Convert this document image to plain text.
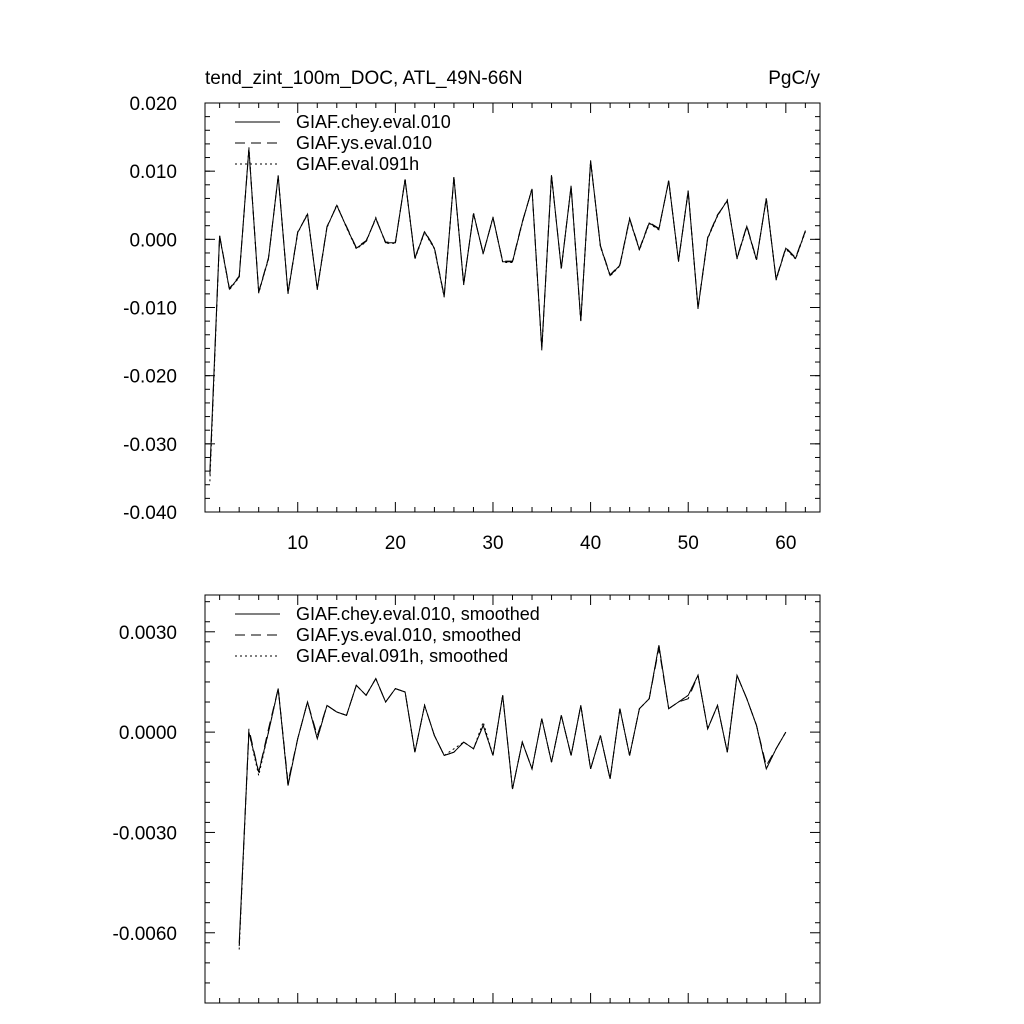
tend_zint_100m_DOC, ATL_49N-66N	PgC/y
10	20	30	40	50	60
-0.040
-0.030
-0.020
-0.010
0.000
0.010
0.020
GIAF.chey.eval.010
GIAF.ys.eval.010
GIAF.eval.091h
-0.0060
-0.0030
0.0000
0.0030
GIAF.chey.eval.010, smoothed
GIAF.ys.eval.010, smoothed
GIAF.eval.091h, smoothed
